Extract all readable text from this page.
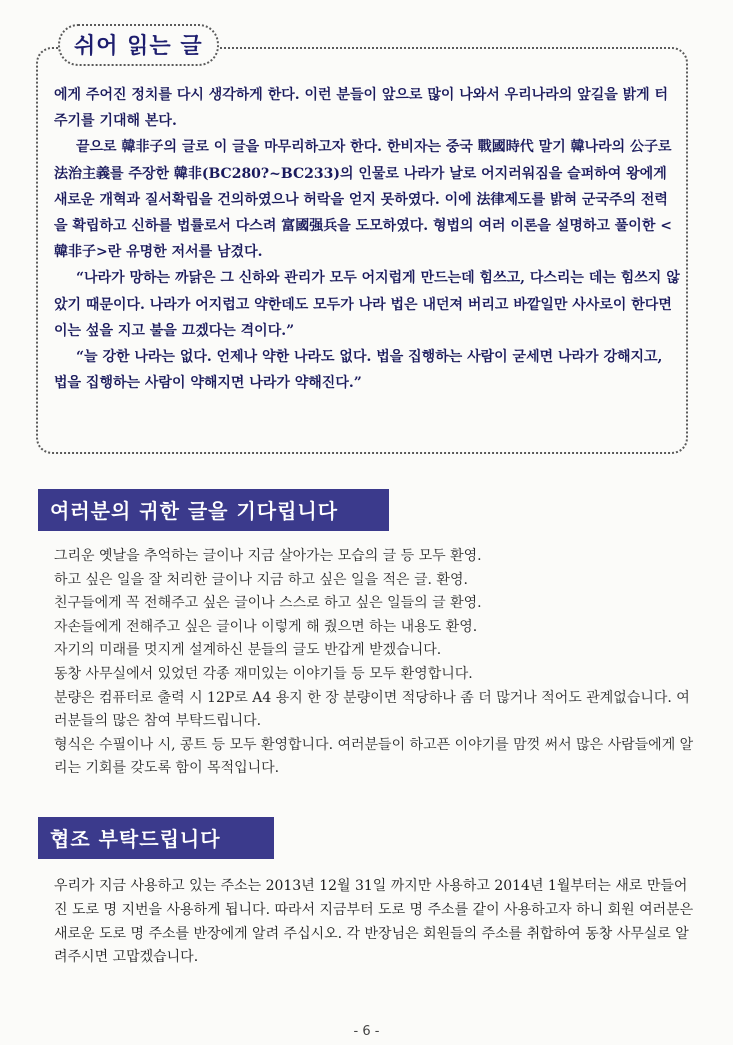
쉬어 읽는 글

에게 주어진 정치를 다시 생각하게 한다. 이런 분들이 앞으로 많이 나와서 우리나라의 앞길을 밝게 터주기를 기대해 본다.

끝으로 韓非子의 글로 이 글을 마무리하고자 한다. 한비자는 중국 戰國時代 말기 韓나라의 公子로 法治主義를 주장한 韓非(BC280?~BC233)의 인물로 나라가 날로 어지러워짐을 슬퍼하여 왕에게 새로운 개혁과 질서확립을 건의하였으나 허락을 얻지 못하였다. 이에 法律제도를 밝혀 군국주의 전력을 확립하고 신하를 법률로서 다스려 富國强兵을 도모하였다. 형법의 여러 이론을 설명하고 풀이한 <韓非子>란 유명한 저서를 남겼다.

“나라가 망하는 까닭은 그 신하와 관리가 모두 어지럽게 만드는데 힘쓰고, 다스리는 데는 힘쓰지 않았기 때문이다. 나라가 어지럽고 약한데도 모두가 나라 법은 내던져 버리고 바깥일만 사사로이 한다면 이는 섶을 지고 불을 끄겠다는 격이다.”

“늘 강한 나라는 없다. 언제나 약한 나라도 없다. 법을 집행하는 사람이 굳세면 나라가 강해지고, 법을 집행하는 사람이 약해지면 나라가 약해진다.”

여러분의 귀한 글을 기다립니다
그리운 옛날을 추억하는 글이나 지금 살아가는 모습의 글 등 모두 환영.
하고 싶은 일을 잘 처리한 글이나 지금 하고 싶은 일을 적은 글. 환영.
친구들에게 꼭 전해주고 싶은 글이나 스스로 하고 싶은 일들의 글 환영.
자손들에게 전해주고 싶은 글이나 이렇게 해 줬으면 하는 내용도 환영.
자기의 미래를 멋지게 설계하신 분들의 글도 반갑게 받겠습니다.
동창 사무실에서 있었던 각종 재미있는 이야기들 등 모두 환영합니다.
분량은 컴퓨터로 출력 시 12P로 A4 용지 한 장 분량이면 적당하나 좀 더 많거나 적어도 관계없습니다. 여러분들의 많은 참여 부탁드립니다.
형식은 수필이나 시, 콩트 등 모두 환영합니다. 여러분들이 하고픈 이야기를 맘껏 써서 많은 사람들에게 알리는 기회를 갖도록 함이 목적입니다.
협조 부탁드립니다

우리가 지금 사용하고 있는 주소는 2013년 12월 31일 까지만 사용하고 2014년 1월부터는 새로 만들어진 도로 명 지번을 사용하게 됩니다. 따라서 지금부터 도로 명 주소를 같이 사용하고자 하니 회원 여러분은 새로운 도로 명 주소를 반장에게 알려 주십시오. 각 반장님은 회원들의 주소를 취합하여 동창 사무실로 알려주시면 고맙겠습니다.

- 6 -
